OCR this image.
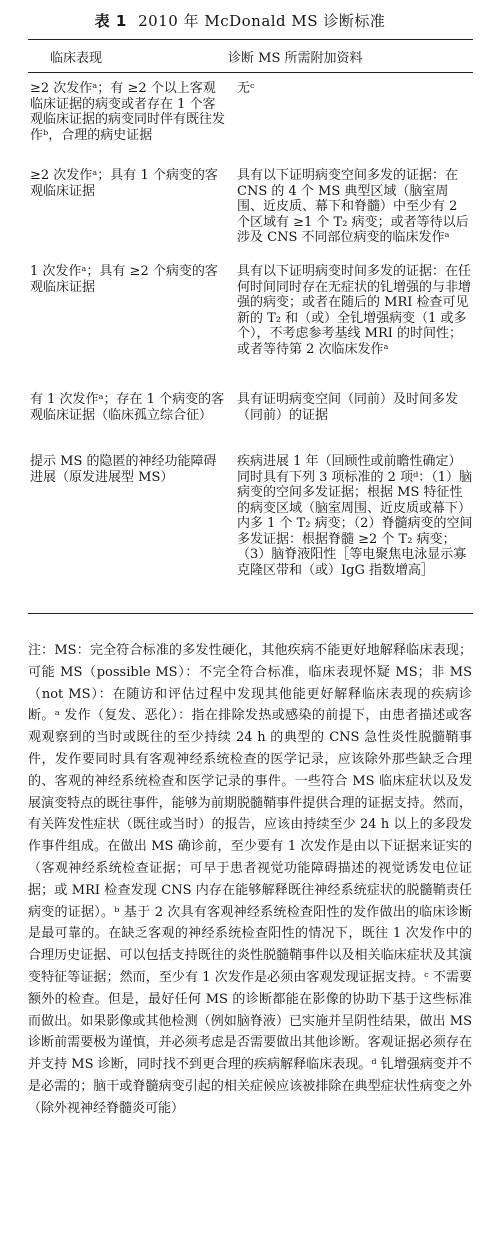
表 1 2010 年 McDonald MS 诊断标准
临床表现	诊断 MS 所需附加资料
≥2 次发作ᵃ；有 ≥2 个以上客观临床证据的病变或者存在 1 个客观临床证据的病变同时伴有既往发作ᵇ，合理的病史证据
无ᶜ
≥2 次发作ᵃ；具有 1 个病变的客观临床证据
具有以下证明病变空间多发的证据：在 CNS 的 4 个 MS 典型区域（脑室周围、近皮质、幕下和脊髓）中至少有 2 个区域有 ≥1 个 T₂ 病变；或者等待以后涉及 CNS 不同部位病变的临床发作ᵃ
1 次发作ᵃ；具有 ≥2 个病变的客观临床证据
具有以下证明病变时间多发的证据：在任何时间同时存在无症状的钆增强的与非增强的病变；或者在随后的 MRI 检查可见新的 T₂ 和（或）全钆增强病变（1 或多个），不考虑参考基线 MRI 的时间性；或者等待第 2 次临床发作ᵃ
有 1 次发作ᵃ；存在 1 个病变的客观临床证据（临床孤立综合征）
具有证明病变空间（同前）及时间多发（同前）的证据
提示 MS 的隐匿的神经功能障碍进展（原发进展型 MS）
疾病进展 1 年（回顾性或前瞻性确定）同时具有下列 3 项标准的 2 项ᵈ：（1）脑病变的空间多发证据；根据 MS 特征性的病变区域（脑室周围、近皮质或幕下）内多 1 个 T₂ 病变；（2）脊髓病变的空间多发证据：根据脊髓 ≥2 个 T₂ 病变；（3）脑脊液阳性［等电聚焦电泳显示寡克隆区带和（或）IgG 指数增高］
注：MS：完全符合标准的多发性硬化，其他疾病不能更好地解释临床表现；可能 MS（possible MS）：不完全符合标准，临床表现怀疑 MS；非 MS（not MS）：在随访和评估过程中发现其他能更好解释临床表现的疾病诊断。ᵃ 发作（复发、恶化）：指在排除发热或感染的前提下，由患者描述或客观观察到的当时或既往的至少持续 24 h 的典型的 CNS 急性炎性脱髓鞘事件，发作要同时具有客观神经系统检查的医学记录，应该除外那些缺乏合理的、客观的神经系统检查和医学记录的事件。一些符合 MS 临床症状以及发展演变特点的既往事件，能够为前期脱髓鞘事件提供合理的证据支持。然而，有关阵发性症状（既往或当时）的报告，应该由持续至少 24 h 以上的多段发作事件组成。在做出 MS 确诊前，至少要有 1 次发作是由以下证据来证实的（客观神经系统检查证据；可早于患者视觉功能障碍描述的视觉诱发电位证据；或 MRI 检查发现 CNS 内存在能够解释既往神经系统症状的脱髓鞘责任病变的证据）。ᵇ 基于 2 次具有客观神经系统检查阳性的发作做出的临床诊断是最可靠的。在缺乏客观的神经系统检查阳性的情况下，既往 1 次发作中的合理历史证据、可以包括支持既往的炎性脱髓鞘事件以及相关临床症状及其演变特征等证据；然而，至少有 1 次发作是必须由客观发现证据支持。ᶜ 不需要额外的检查。但是，最好任何 MS 的诊断都能在影像的协助下基于这些标准而做出。如果影像或其他检测（例如脑脊液）已实施并呈阴性结果，做出 MS 诊断前需要极为谨慎，并必须考虑是否需要做出其他诊断。客观证据必须存在并支持 MS 诊断，同时找不到更合理的疾病解释临床表现。ᵈ 钆增强病变并不是必需的；脑干或脊髓病变引起的相关症候应该被排除在典型症状性病变之外（除外视神经脊髓炎可能）
